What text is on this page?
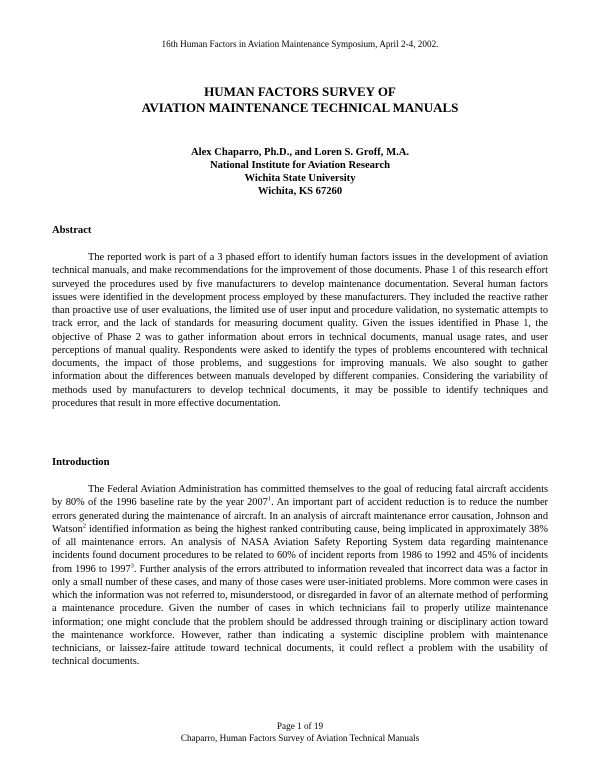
16th Human Factors in Aviation Maintenance Symposium, April 2-4, 2002.
HUMAN FACTORS SURVEY OF
AVIATION MAINTENANCE TECHNICAL MANUALS
Alex Chaparro, Ph.D., and Loren S. Groff, M.A.
National Institute for Aviation Research
Wichita State University
Wichita, KS 67260
Abstract

The reported work is part of a 3 phased effort to identify human factors issues in the development of aviation technical manuals, and make recommendations for the improvement of those documents. Phase 1 of this research effort surveyed the procedures used by five manufacturers to develop maintenance documentation. Several human factors issues were identified in the development process employed by these manufacturers. They included the reactive rather than proactive use of user evaluations, the limited use of user input and procedure validation, no systematic attempts to track error, and the lack of standards for measuring document quality. Given the issues identified in Phase 1, the objective of Phase 2 was to gather information about errors in technical documents, manual usage rates, and user perceptions of manual quality. Respondents were asked to identify the types of problems encountered with technical documents, the impact of those problems, and suggestions for improving manuals. We also sought to gather information about the differences between manuals developed by different companies. Considering the variability of methods used by manufacturers to develop technical documents, it may be possible to identify techniques and procedures that result in more effective documentation.

Introduction

The Federal Aviation Administration has committed themselves to the goal of reducing fatal aircraft accidents by 80% of the 1996 baseline rate by the year 2007$^1$. An important part of accident reduction is to reduce the number errors generated during the maintenance of aircraft. In an analysis of aircraft maintenance error causation, Johnson and Watson$^2$ identified information as being the highest ranked contributing cause, being implicated in approximately 38% of all maintenance errors. An analysis of NASA Aviation Safety Reporting System data regarding maintenance incidents found document procedures to be related to 60% of incident reports from 1986 to 1992 and 45% of incidents from 1996 to 1997$^3$. Further analysis of the errors attributed to information revealed that incorrect data was a factor in only a small number of these cases, and many of those cases were user-initiated problems. More common were cases in which the information was not referred to, misunderstood, or disregarded in favor of an alternate method of performing a maintenance procedure. Given the number of cases in which technicians fail to properly utilize maintenance information; one might conclude that the problem should be addressed through training or disciplinary action toward the maintenance workforce. However, rather than indicating a systemic discipline problem with maintenance technicians, or laissez-faire attitude toward technical documents, it could reflect a problem with the usability of technical documents.

Page 1 of 19
Chaparro, Human Factors Survey of Aviation Technical Manuals
